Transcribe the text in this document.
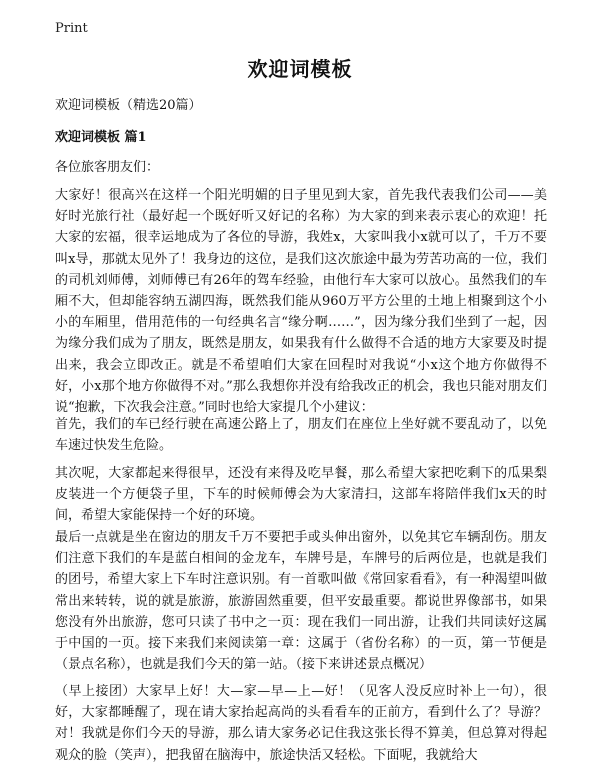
Print
欢迎词模板
欢迎词模板（精选20篇）
欢迎词模板 篇1
各位旅客朋友们：
大家好！很高兴在这样一个阳光明媚的日子里见到大家，首先我代表我们公司——美好时光旅行社（最好起一个既好听又好记的名称）为大家的到来表示衷心的欢迎！托大家的宏福，很幸运地成为了各位的导游，我姓x，大家叫我小x就可以了，千万不要叫x导，那就太见外了！我身边的这位，是我们这次旅途中最为劳苦功高的一位，我们的司机刘师傅，刘师傅已有26年的驾车经验，由他行车大家可以放心。虽然我们的车厢不大，但却能容纳五湖四海，既然我们能从960万平方公里的土地上相聚到这个小小的车厢里，借用范伟的一句经典名言“缘分啊……”，因为缘分我们坐到了一起，因为缘分我们成为了朋友，既然是朋友，如果我有什么做得不合适的地方大家要及时提出来，我会立即改正。就是不希望咱们大家在回程时对我说“小x这个地方你做得不好，小x那个地方你做得不对。”那么我想你并没有给我改正的机会，我也只能对朋友们说“抱歉，下次我会注意。”同时也给大家提几个小建议：
首先，我们的车已经行驶在高速公路上了，朋友们在座位上坐好就不要乱动了，以免车速过快发生危险。
其次呢，大家都起来得很早，还没有来得及吃早餐，那么希望大家把吃剩下的瓜果梨皮装进一个方便袋子里，下车的时候师傅会为大家清扫，这部车将陪伴我们x天的时间，希望大家能保持一个好的环境。
最后一点就是坐在窗边的朋友千万不要把手或头伸出窗外，以免其它车辆刮伤。朋友们注意下我们的车是蓝白相间的金龙车，车牌号是，车牌号的后两位是，也就是我们的团号，希望大家上下车时注意识别。有一首歌叫做《常回家看看》，有一种渴望叫做常出来转转，说的就是旅游，旅游固然重要，但平安最重要。都说世界像部书，如果您没有外出旅游，您可只读了书中之一页：现在我们一同出游，让我们共同读好这属于中国的一页。接下来我们来阅读第一章：这属于（省份名称）的一页，第一节便是（景点名称），也就是我们今天的第一站。（接下来讲述景点概况）
（早上接团）大家早上好！大—家—早—上—好！（见客人没反应时补上一句），很好，大家都睡醒了，现在请大家抬起高尚的头看看车的正前方，看到什么了？导游？对！我就是你们今天的导游，那么请大家务必记住我这张长得不算美，但总算对得起观众的脸（笑声），把我留在脑海中，旅途快活又轻松。下面呢，我就给大
